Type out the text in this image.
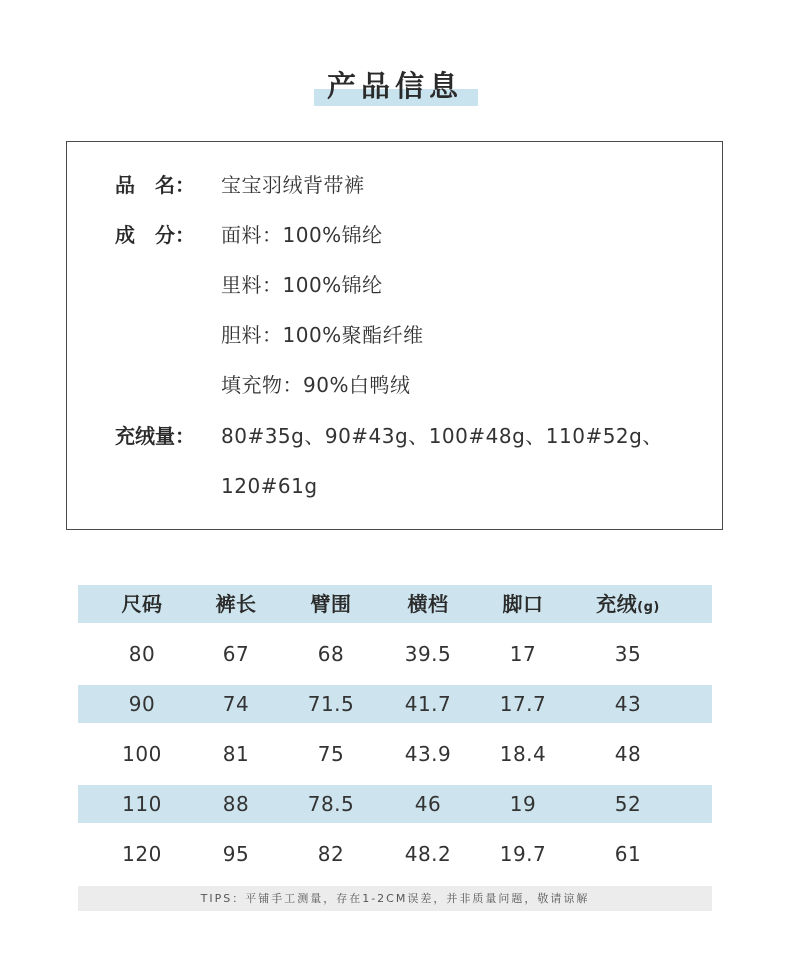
产品信息
品　名：	宝宝羽绒背带裤
成　分：	面料：100%锦纶
里料：100%锦纶
胆料：100%聚酯纤维
填充物：90%白鸭绒
充绒量：	80#35g、90#43g、100#48g、110#52g、
120#61g
尺码	裤长	臂围	横档	脚口	充绒(g)
80	67	68	39.5	17	35
90	74	71.5	41.7	17.7	43
100	81	75	43.9	18.4	48
110	88	78.5	46	19	52
120	95	82	48.2	19.7	61
TIPS：平铺手工测量，存在1-2CM误差，并非质量问题，敬请谅解
